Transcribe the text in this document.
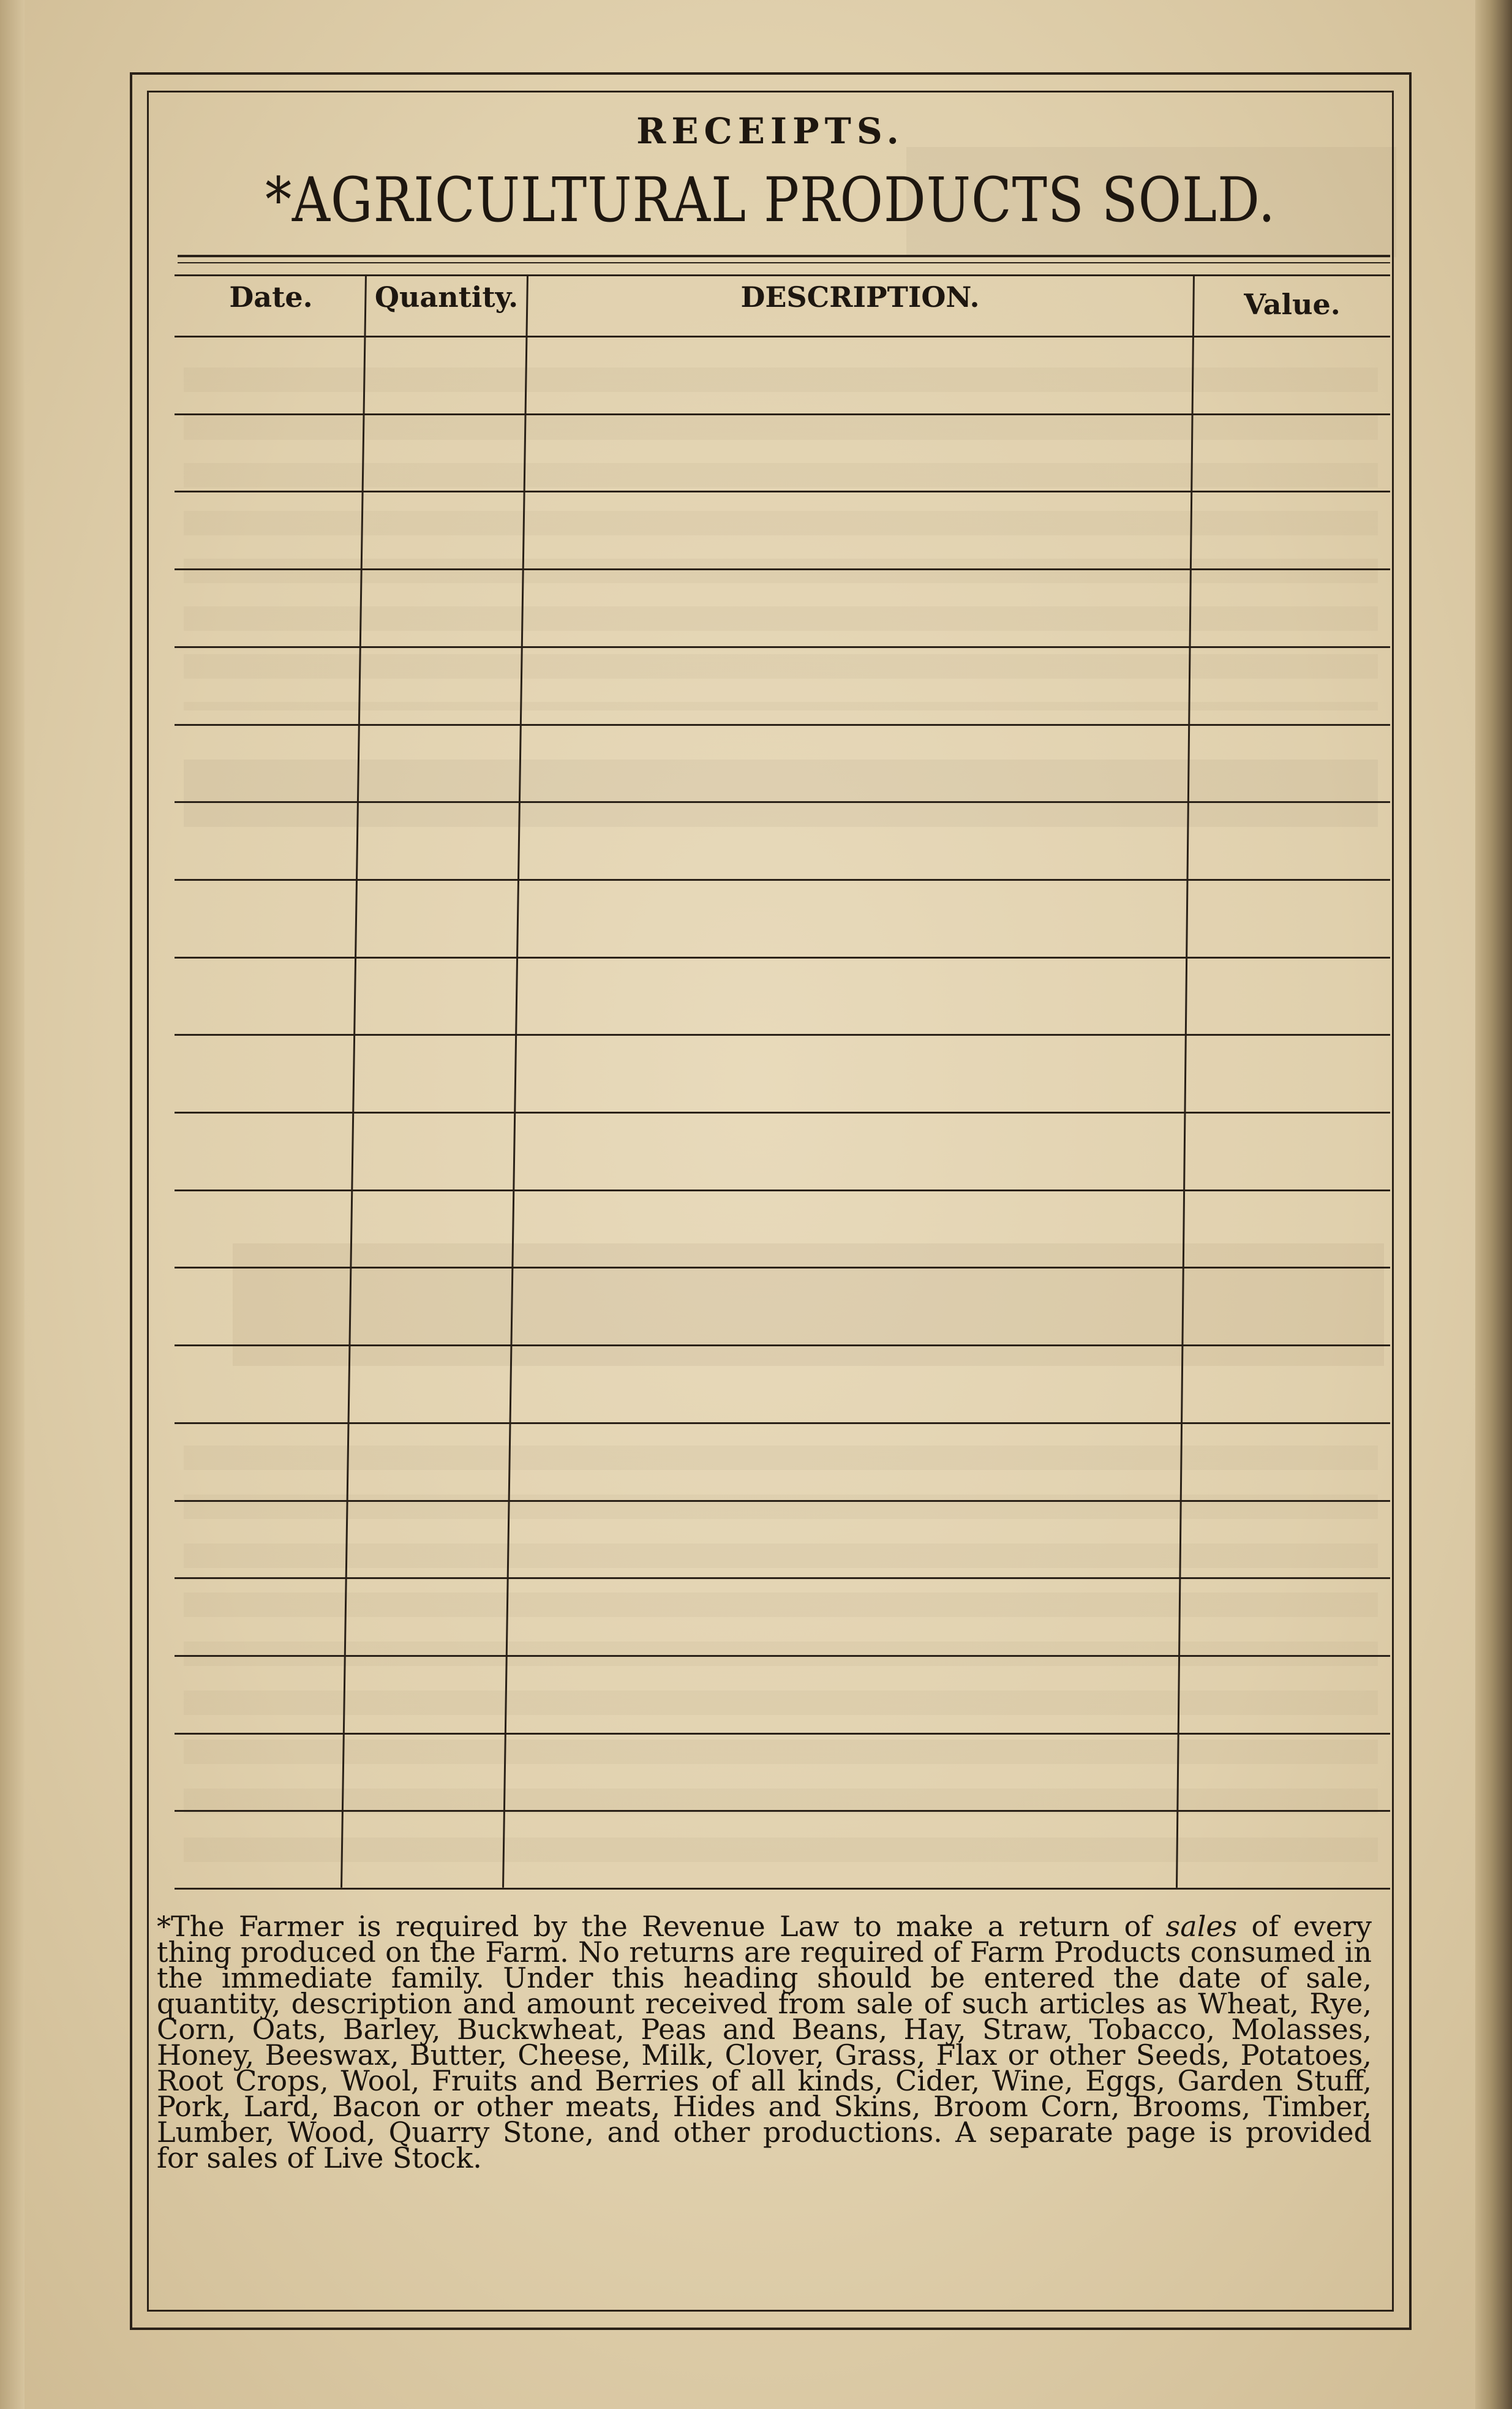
RECEIPTS.
*AGRICULTURAL PRODUCTS SOLD.
Date.	Quantity.	DESCRIPTION.	Value.
*The Farmer is required by the Revenue Law to make a return of sales of every thing produced on the Farm. No returns are required of Farm Products consumed in the immediate family. Under this heading should be entered the date of sale, quantity, description and amount received from sale of such articles as Wheat, Rye, Corn, Oats, Barley, Buckwheat, Peas and Beans, Hay, Straw, Tobacco, Molasses, Honey, Beeswax, Butter, Cheese, Milk, Clover, Grass, Flax or other Seeds, Potatoes, Root Crops, Wool, Fruits and Berries of all kinds, Cider, Wine, Eggs, Garden Stuff, Pork, Lard, Bacon or other meats, Hides and Skins, Broom Corn, Brooms, Timber, Lumber, Wood, Quarry Stone, and other productions. A separate page is provided for sales of Live Stock.
